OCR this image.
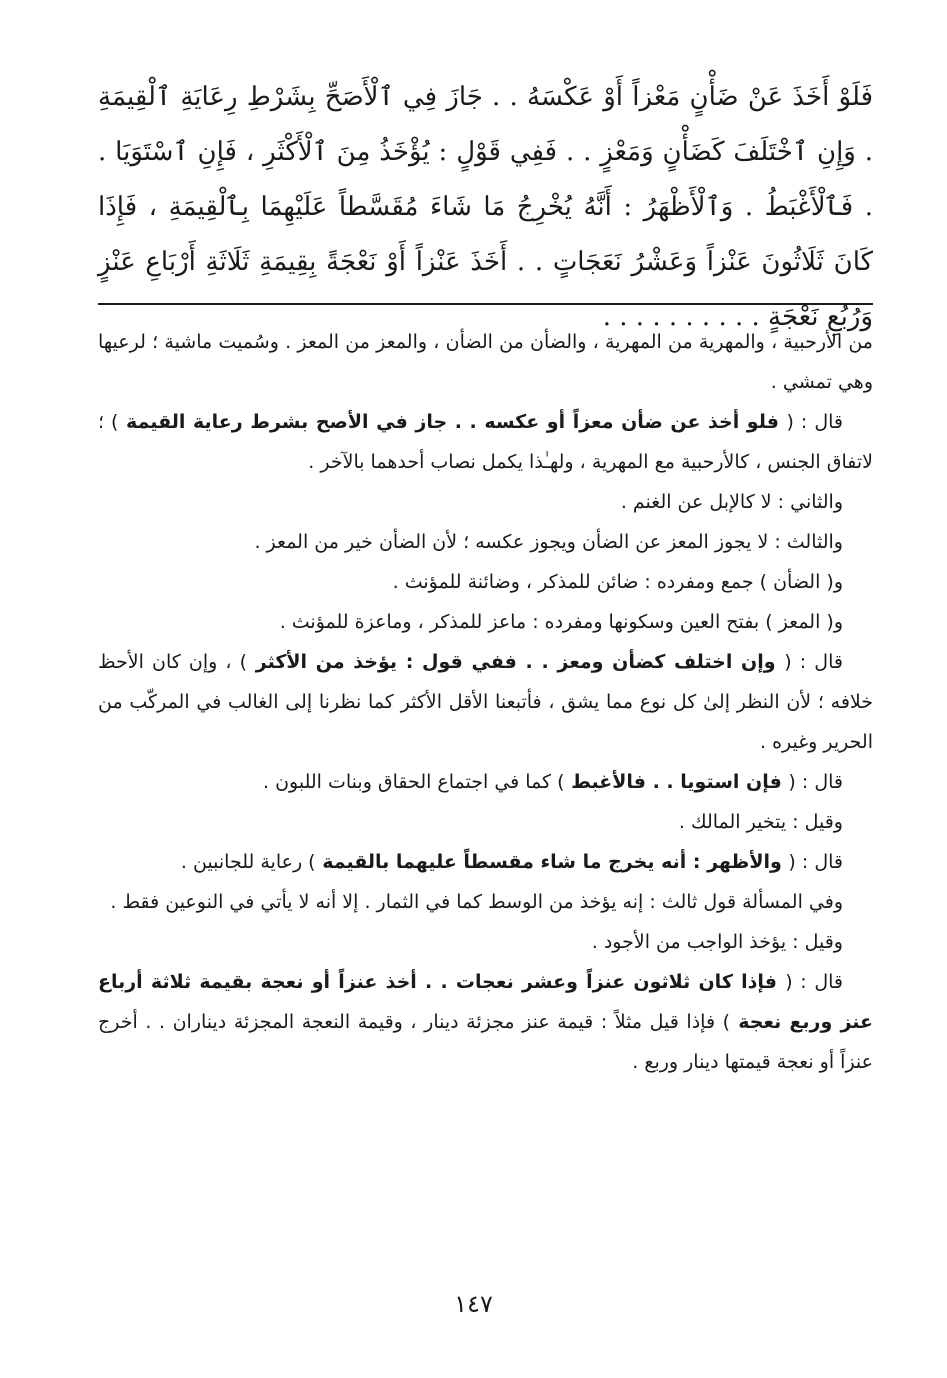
فَلَوْ أَخَذَ عَنْ ضَأْنٍ مَعْزاً أَوْ عَكْسَهُ . . جَازَ فِي ٱلْأَصَحِّ بِشَرْطِ رِعَايَةِ ٱلْقِيمَةِ . وَإِنِ ٱخْتَلَفَ كَضَأْنٍ وَمَعْزٍ . . فَفِي قَوْلٍ : يُؤْخَذُ مِنَ ٱلْأَكْثَرِ ، فَإِنِ ٱسْتَوَيَا . . فَٱلْأَغْبَطُ . وَٱلْأَظْهَرُ : أَنَّهُ يُخْرِجُ مَا شَاءَ مُقَسَّطاً عَلَيْهِمَا بِٱلْقِيمَةِ ، فَإِذَا كَانَ ثَلَاثُونَ عَنْزاً وَعَشْرُ نَعَجَاتٍ . . أَخَذَ عَنْزاً أَوْ نَعْجَةً بِقِيمَةِ ثَلَاثَةِ أَرْبَاعِ عَنْزٍ وَرُبُعِ نَعْجَةٍ . . . . . . . . . .

من الأرحبية ، والمهرية من المهرية ، والضأن من الضأن ، والمعز من المعز . وسُميت ماشية ؛ لرعيها وهي تمشي .

قال : ( فلو أخذ عن ضأن معزاً أو عكسه . . جاز في الأصح بشرط رعاية القيمة ) ؛ لاتفاق الجنس ، كالأرحبية مع المهرية ، ولهـٰذا يكمل نصاب أحدهما بالآخر .

والثاني : لا كالإبل عن الغنم .

والثالث : لا يجوز المعز عن الضأن ويجوز عكسه ؛ لأن الضأن خير من المعز .

و( الضأن ) جمع ومفرده : ضائن للمذكر ، وضائنة للمؤنث .

و( المعز ) بفتح العين وسكونها ومفرده : ماعز للمذكر ، وماعزة للمؤنث .

قال : ( وإن اختلف كضأن ومعز . . ففي قول : يؤخذ من الأكثر ) ، وإن كان الأحظ خلافه ؛ لأن النظر إلىٰ كل نوع مما يشق ، فأتبعنا الأقل الأكثر كما نظرنا إلى الغالب في المركّب من الحرير وغيره .

قال : ( فإن استويا . . فالأغبط ) كما في اجتماع الحقاق وبنات اللبون .

وقيل : يتخير المالك .

قال : ( والأظهر : أنه يخرج ما شاء مقسطاً عليهما بالقيمة ) رعاية للجانبين .

وفي المسألة قول ثالث : إنه يؤخذ من الوسط كما في الثمار . إلا أنه لا يأتي في النوعين فقط .

وقيل : يؤخذ الواجب من الأجود .

قال : ( فإذا كان ثلاثون عنزاً وعشر نعجات . . أخذ عنزاً أو نعجة بقيمة ثلاثة أرباع عنز وربع نعجة ) فإذا قيل مثلاً : قيمة عنز مجزئة دينار ، وقيمة النعجة المجزئة ديناران . . أخرج عنزاً أو نعجة قيمتها دينار وربع .

١٤٧
